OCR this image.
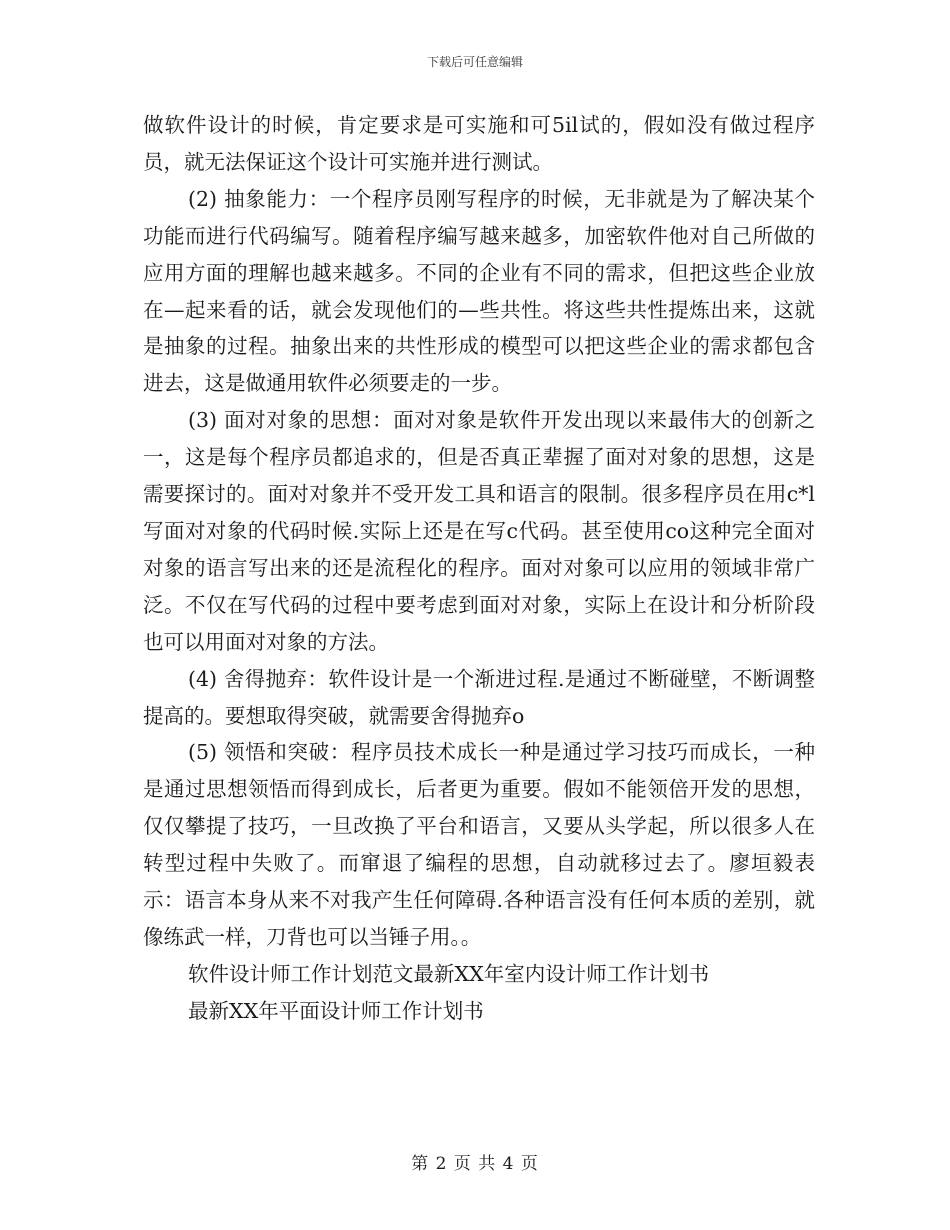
下载后可任意编辑

做软件设计的时候，肯定要求是可实施和可5il试的，假如没有做过程序员，就无法保证这个设计可实施并进行测试。

(2) 抽象能力：一个程序员刚写程序的时候，无非就是为了解决某个功能而进行代码编写。随着程序编写越来越多，加密软件他对自己所做的应用方面的理解也越来越多。不同的企业有不同的需求，但把这些企业放在—起来看的话，就会发现他们的—些共性。将这些共性提炼出来，这就是抽象的过程。抽象出来的共性形成的模型可以把这些企业的需求都包含进去，这是做通用软件必须要走的一步。

(3) 面对对象的思想：面对对象是软件开发出现以来最伟大的创新之一，这是每个程序员都追求的，但是否真正辈握了面对对象的思想，这是需要探讨的。面对对象并不受开发工具和语言的限制。很多程序员在用c*l写面对对象的代码时候.实际上还是在写c代码。甚至使用co这种完全面对对象的语言写出来的还是流程化的程序。面对对象可以应用的领域非常广泛。不仅在写代码的过程中要考虑到面对对象，实际上在设计和分析阶段也可以用面对对象的方法。

(4) 舍得抛弃：软件设计是一个渐进过程.是通过不断碰壁，不断调整提高的。要想取得突破，就需要舍得抛弃o

(5) 领悟和突破：程序员技术成长一种是通过学习技巧而成长，一种是通过思想领悟而得到成长，后者更为重要。假如不能领倍开发的思想，仅仅攀提了技巧，一旦改换了平台和语言，又要从头学起，所以很多人在转型过程中失败了。而窜退了编程的思想，自动就移过去了。廖垣毅表示：语言本身从来不对我产生任何障碍.各种语言没有任何本质的差别，就像练武一样，刀背也可以当锤子用。。

软件设计师工作计划范文最新XX年室内设计师工作计划书

最新XX年平面设计师工作计划书

第 2 页 共 4 页
